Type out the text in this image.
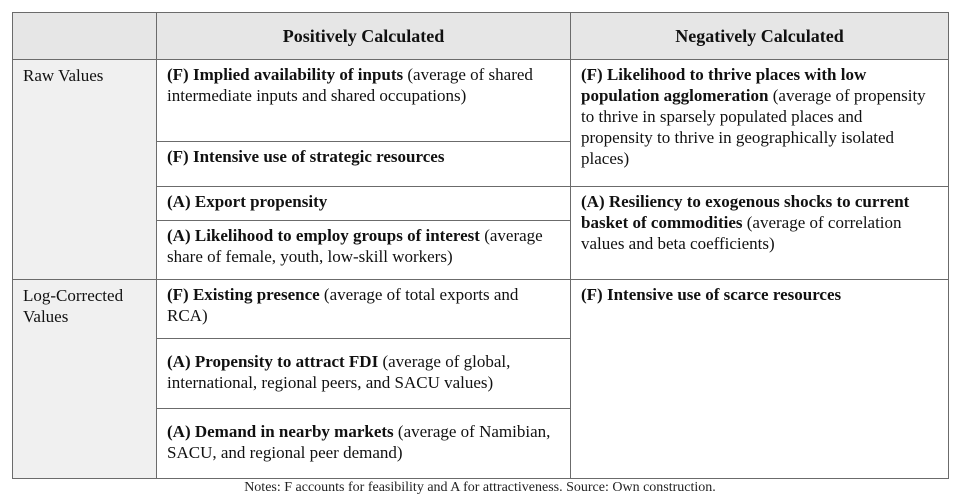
	Positively Calculated	Negatively Calculated
Raw Values	(F) Implied availability of inputs (average of shared intermediate inputs and shared occupations)	(F) Likelihood to thrive places with low population agglomeration (average of propensity to thrive in sparsely populated places and propensity to thrive in geographically isolated places)
	(F) Intensive use of strategic resources	
	(A) Export propensity	(A) Resiliency to exogenous shocks to current basket of commodities (average of correlation values and beta coefficients)
	(A) Likelihood to employ groups of interest (average share of female, youth, low-skill workers)	
Log-Corrected Values	(F) Existing presence (average of total exports and RCA)	(F) Intensive use of scarce resources
	(A) Propensity to attract FDI (average of global, international, regional peers, and SACU values)	
	(A) Demand in nearby markets (average of Namibian, SACU, and regional peer demand)	
Notes: F accounts for feasibility and A for attractiveness. Source: Own construction.
